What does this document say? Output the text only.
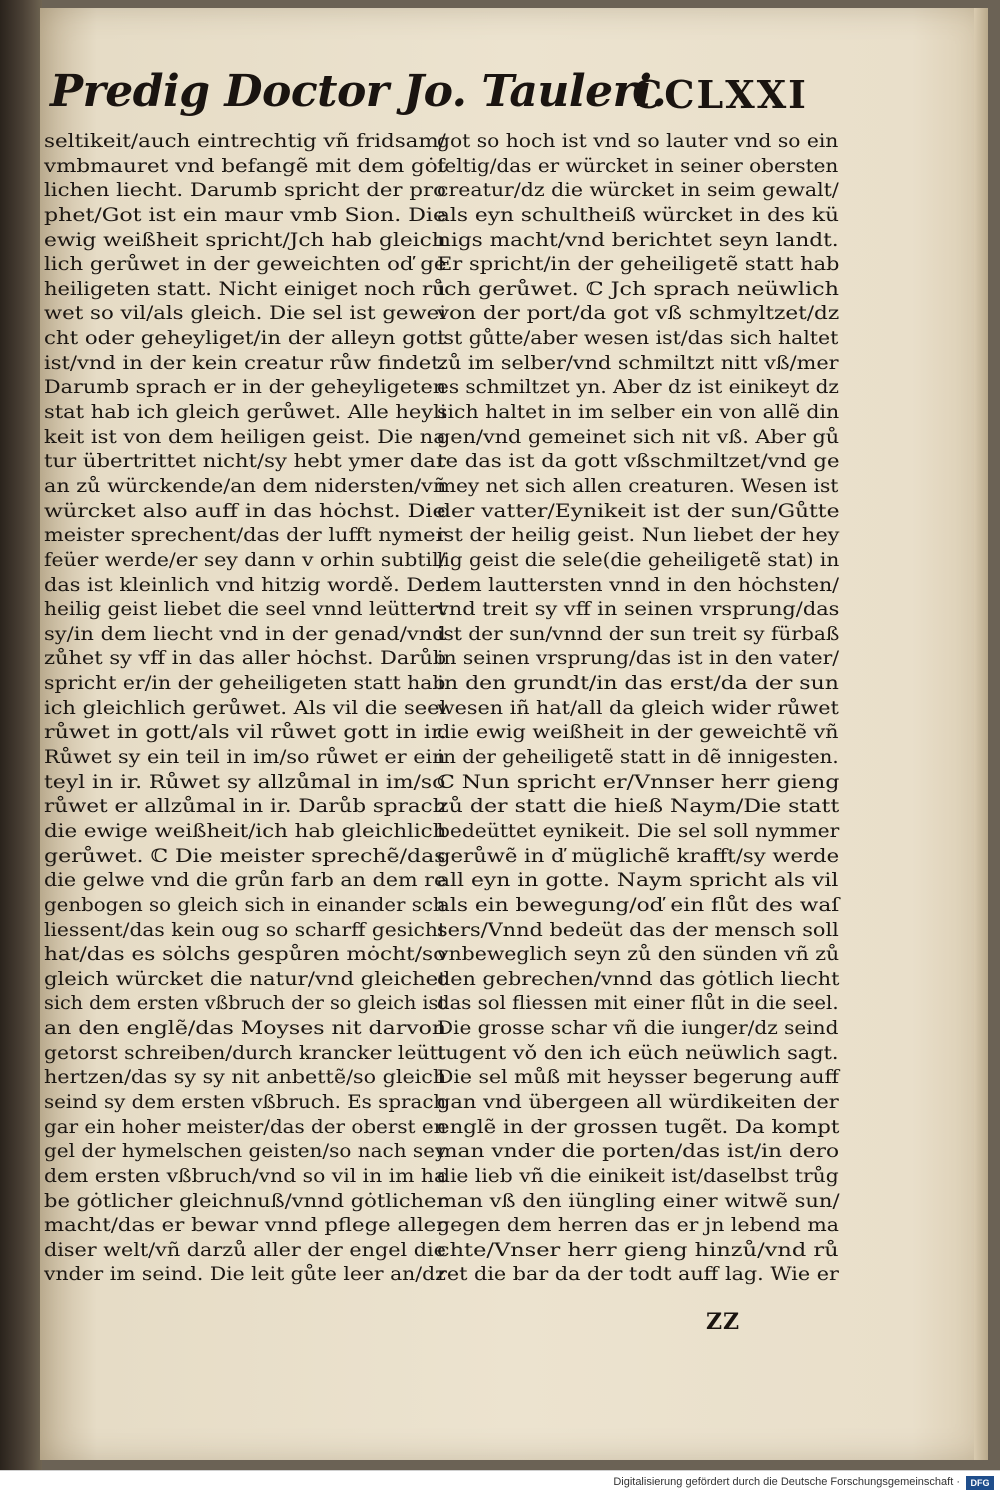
Predig Doctor Jo. Tauleri.
CCLXXI
seltikeit/auch eintrechtig vñ fridsam/
vmbmauret vnd befangẽ mit dem gȯt
lichen liecht. Darumb spricht der pro
phet/Got ist ein maur vmb Sion. Die
ewig weißheit spricht/Jch hab gleich
lich gerůwet in der geweichten oď ge
heiligeten statt. Nicht einiget noch rů
wet so vil/als gleich. Die sel ist gewei
cht oder geheyliget/in der alleyn gott
ist/vnd in der kein creatur růw findet.
Darumb sprach er in der geheyligeten
stat hab ich gleich gerůwet. Alle heyli
keit ist von dem heiligen geist. Die na
tur übertrittet nicht/sy hebt ymer dar
an zů würckende/an dem nidersten/vñ
würcket also auff in das hȯchst. Die
meister sprechent/das der lufft nymer
feüer werde/er sey dann v orhin subtil/
das ist kleinlich vnd hitzig wordě. Der
heilig geist liebet die seel vnnd leüttert
sy/in dem liecht vnd in der genad/vnd
zůhet sy vff in das aller hȯchst. Darůb
spricht er/in der geheiligeten statt hab
ich gleichlich gerůwet. Als vil die seel
růwet in gott/als vil růwet gott in ir.
Růwet sy ein teil in im/so růwet er ein
teyl in ir. Růwet sy allzůmal in im/so
růwet er allzůmal in ir. Darůb sprach
die ewige weißheit/ich hab gleichlich
gerůwet. ℂ Die meister sprechẽ/das
die gelwe vnd die grůn farb an dem re
genbogen so gleich sich in einander sch
liessent/das kein oug so scharff gesicht
hat/das es sȯlchs gespůren mȯcht/so
gleich würcket die natur/vnd gleichet
sich dem ersten vßbruch der so gleich ist
an den englẽ/das Moyses nit darvon
getorst schreiben/durch krancker leütt
hertzen/das sy sy nit anbettẽ/so gleich
seind sy dem ersten vßbruch. Es sprach
gar ein hoher meister/das der oberst en
gel der hymelschen geisten/so nach sey
dem ersten vßbruch/vnd so vil in im ha
be gȯtlicher gleichnuß/vnnd gȯtlicher
macht/das er bewar vnnd pflege aller
diser welt/vñ darzů aller der engel die
vnder im seind. Die leit gůte leer an/dz
got so hoch ist vnd so lauter vnd so ein
feltig/das er würcket in seiner obersten
creatur/dz die würcket in seim gewalt/
als eyn schultheiß würcket in des kü
nigs macht/vnd berichtet seyn landt.
Er spricht/in der geheiligetẽ statt hab
ich gerůwet. ℂ Jch sprach neüwlich
von der port/da got vß schmyltzet/dz
ist gůtte/aber wesen ist/das sich haltet
zů im selber/vnd schmiltzt nitt vß/mer
es schmiltzet yn. Aber dz ist einikeyt dz
sich haltet in im selber ein von allẽ din
gen/vnd gemeinet sich nit vß. Aber gů
te das ist da gott vßschmiltzet/vnd ge
mey net sich allen creaturen. Wesen ist
der vatter/Eynikeit ist der sun/Gůtte
ist der heilig geist. Nun liebet der hey
lig geist die sele(die geheiligetẽ stat) in
dem lauttersten vnnd in den hȯchsten/
vnd treit sy vff in seinen vrsprung/das
ist der sun/vnnd der sun treit sy fürbaß
in seinen vrsprung/das ist in den vater/
in den grundt/in das erst/da der sun
wesen iñ hat/all da gleich wider růwet
die ewig weißheit in der geweichtẽ vñ
in der geheiligetẽ statt in dẽ innigesten.
ℂ Nun spricht er/Vnnser herr gieng
zů der statt die hieß Naym/Die statt
bedeüttet eynikeit. Die sel soll nymmer
gerůwẽ in ď müglichẽ krafft/sy werde
all eyn in gotte. Naym spricht als vil
als ein bewegung/oď ein flůt des waſ
sers/Vnnd bedeüt das der mensch soll
vnbeweglich seyn zů den sünden vñ zů
den gebrechen/vnnd das gȯtlich liecht
das sol fliessen mit einer flůt in die seel.
Die grosse schar vñ die iunger/dz seind
tugent vǒ den ich eüch neüwlich sagt.
Die sel můß mit heysser begerung auff
gan vnd übergeen all würdikeiten der
englẽ in der grossen tugẽt. Da kompt
man vnder die porten/das ist/in dero
die lieb vñ die einikeit ist/daselbst trůg
man vß den iüngling einer witwẽ sun/
gegen dem herren das er jn lebend ma
chte/Vnser herr gieng hinzů/vnd rů
ret die bar da der todt auff lag. Wie er
ZZ
Digitalisierung gefördert durch die Deutsche Forschungsgemeinschaft ·	DFG
